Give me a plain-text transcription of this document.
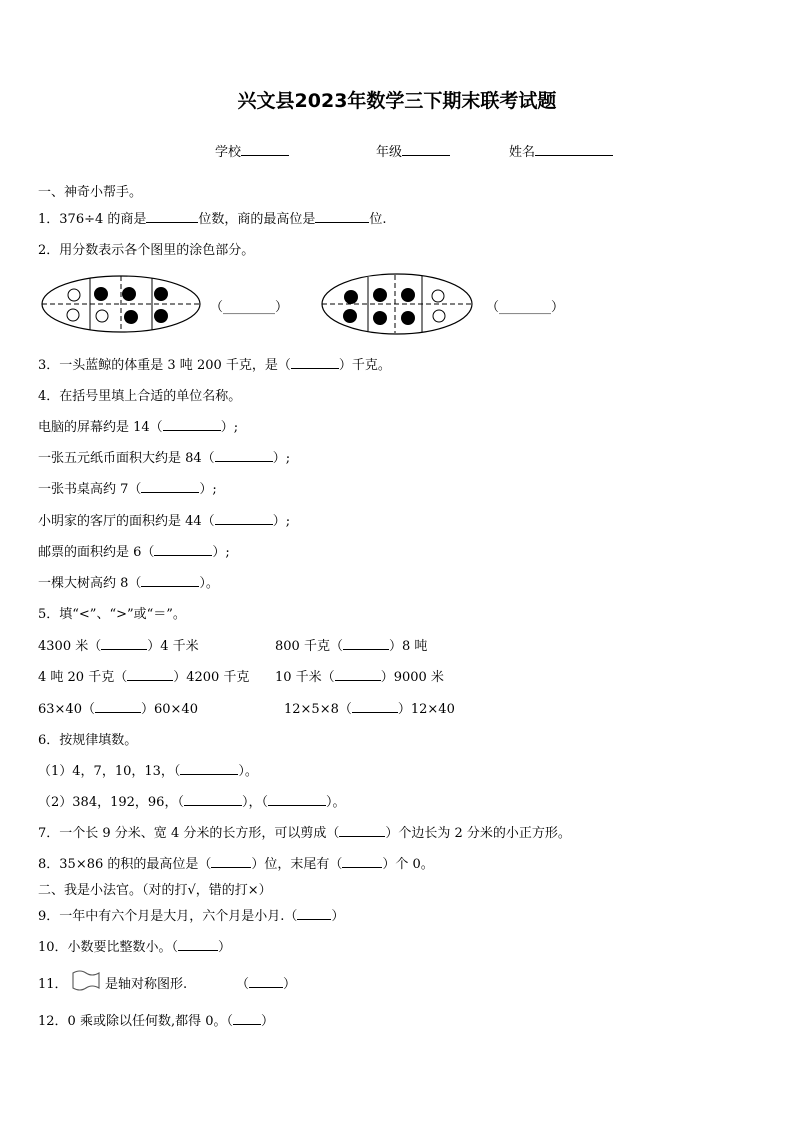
兴文县2023年数学三下期末联考试题
学校	年级	姓名
一、神奇小帮手。
1．376÷4 的商是	位数，商的最高位是	位.
2．用分数表示各个图里的涂色部分。
（________）	（________）
3．一头蓝鲸的体重是 3 吨 200 千克，是（	）千克。
4．在括号里填上合适的单位名称。
电脑的屏幕约是 14（	）;
一张五元纸币面积大约是 84（	）;
一张书桌高约 7（	）;
小明家的客厅的面积约是 44（	）;
邮票的面积约是 6（	）;
一棵大树高约 8（	）。
5．填“<”、“>”或“＝”。
4300 米（	）4 千米	800 千克（	）8 吨
4 吨 20 千克（	）4200 千克 10 千米（	）9000 米
63×40（	）60×40	12×5×8（	）12×40
6．按规律填数。
（1）4，7，10，13，（	）。
（2）384，192，96，（	），（	）。
7．一个长 9 分米、宽 4 分米的长方形，可以剪成（	）个边长为 2 分米的小正方形。
8．35×86 的积的最高位是（	）位，末尾有（	）个 0。
二、我是小法官。（对的打√，错的打×）
9．一年中有六个月是大月，六个月是小月.（	）
10．小数要比整数小。（	）
11．	是轴对称图形.	（	）
12．0 乘或除以任何数,都得 0。（ ）
